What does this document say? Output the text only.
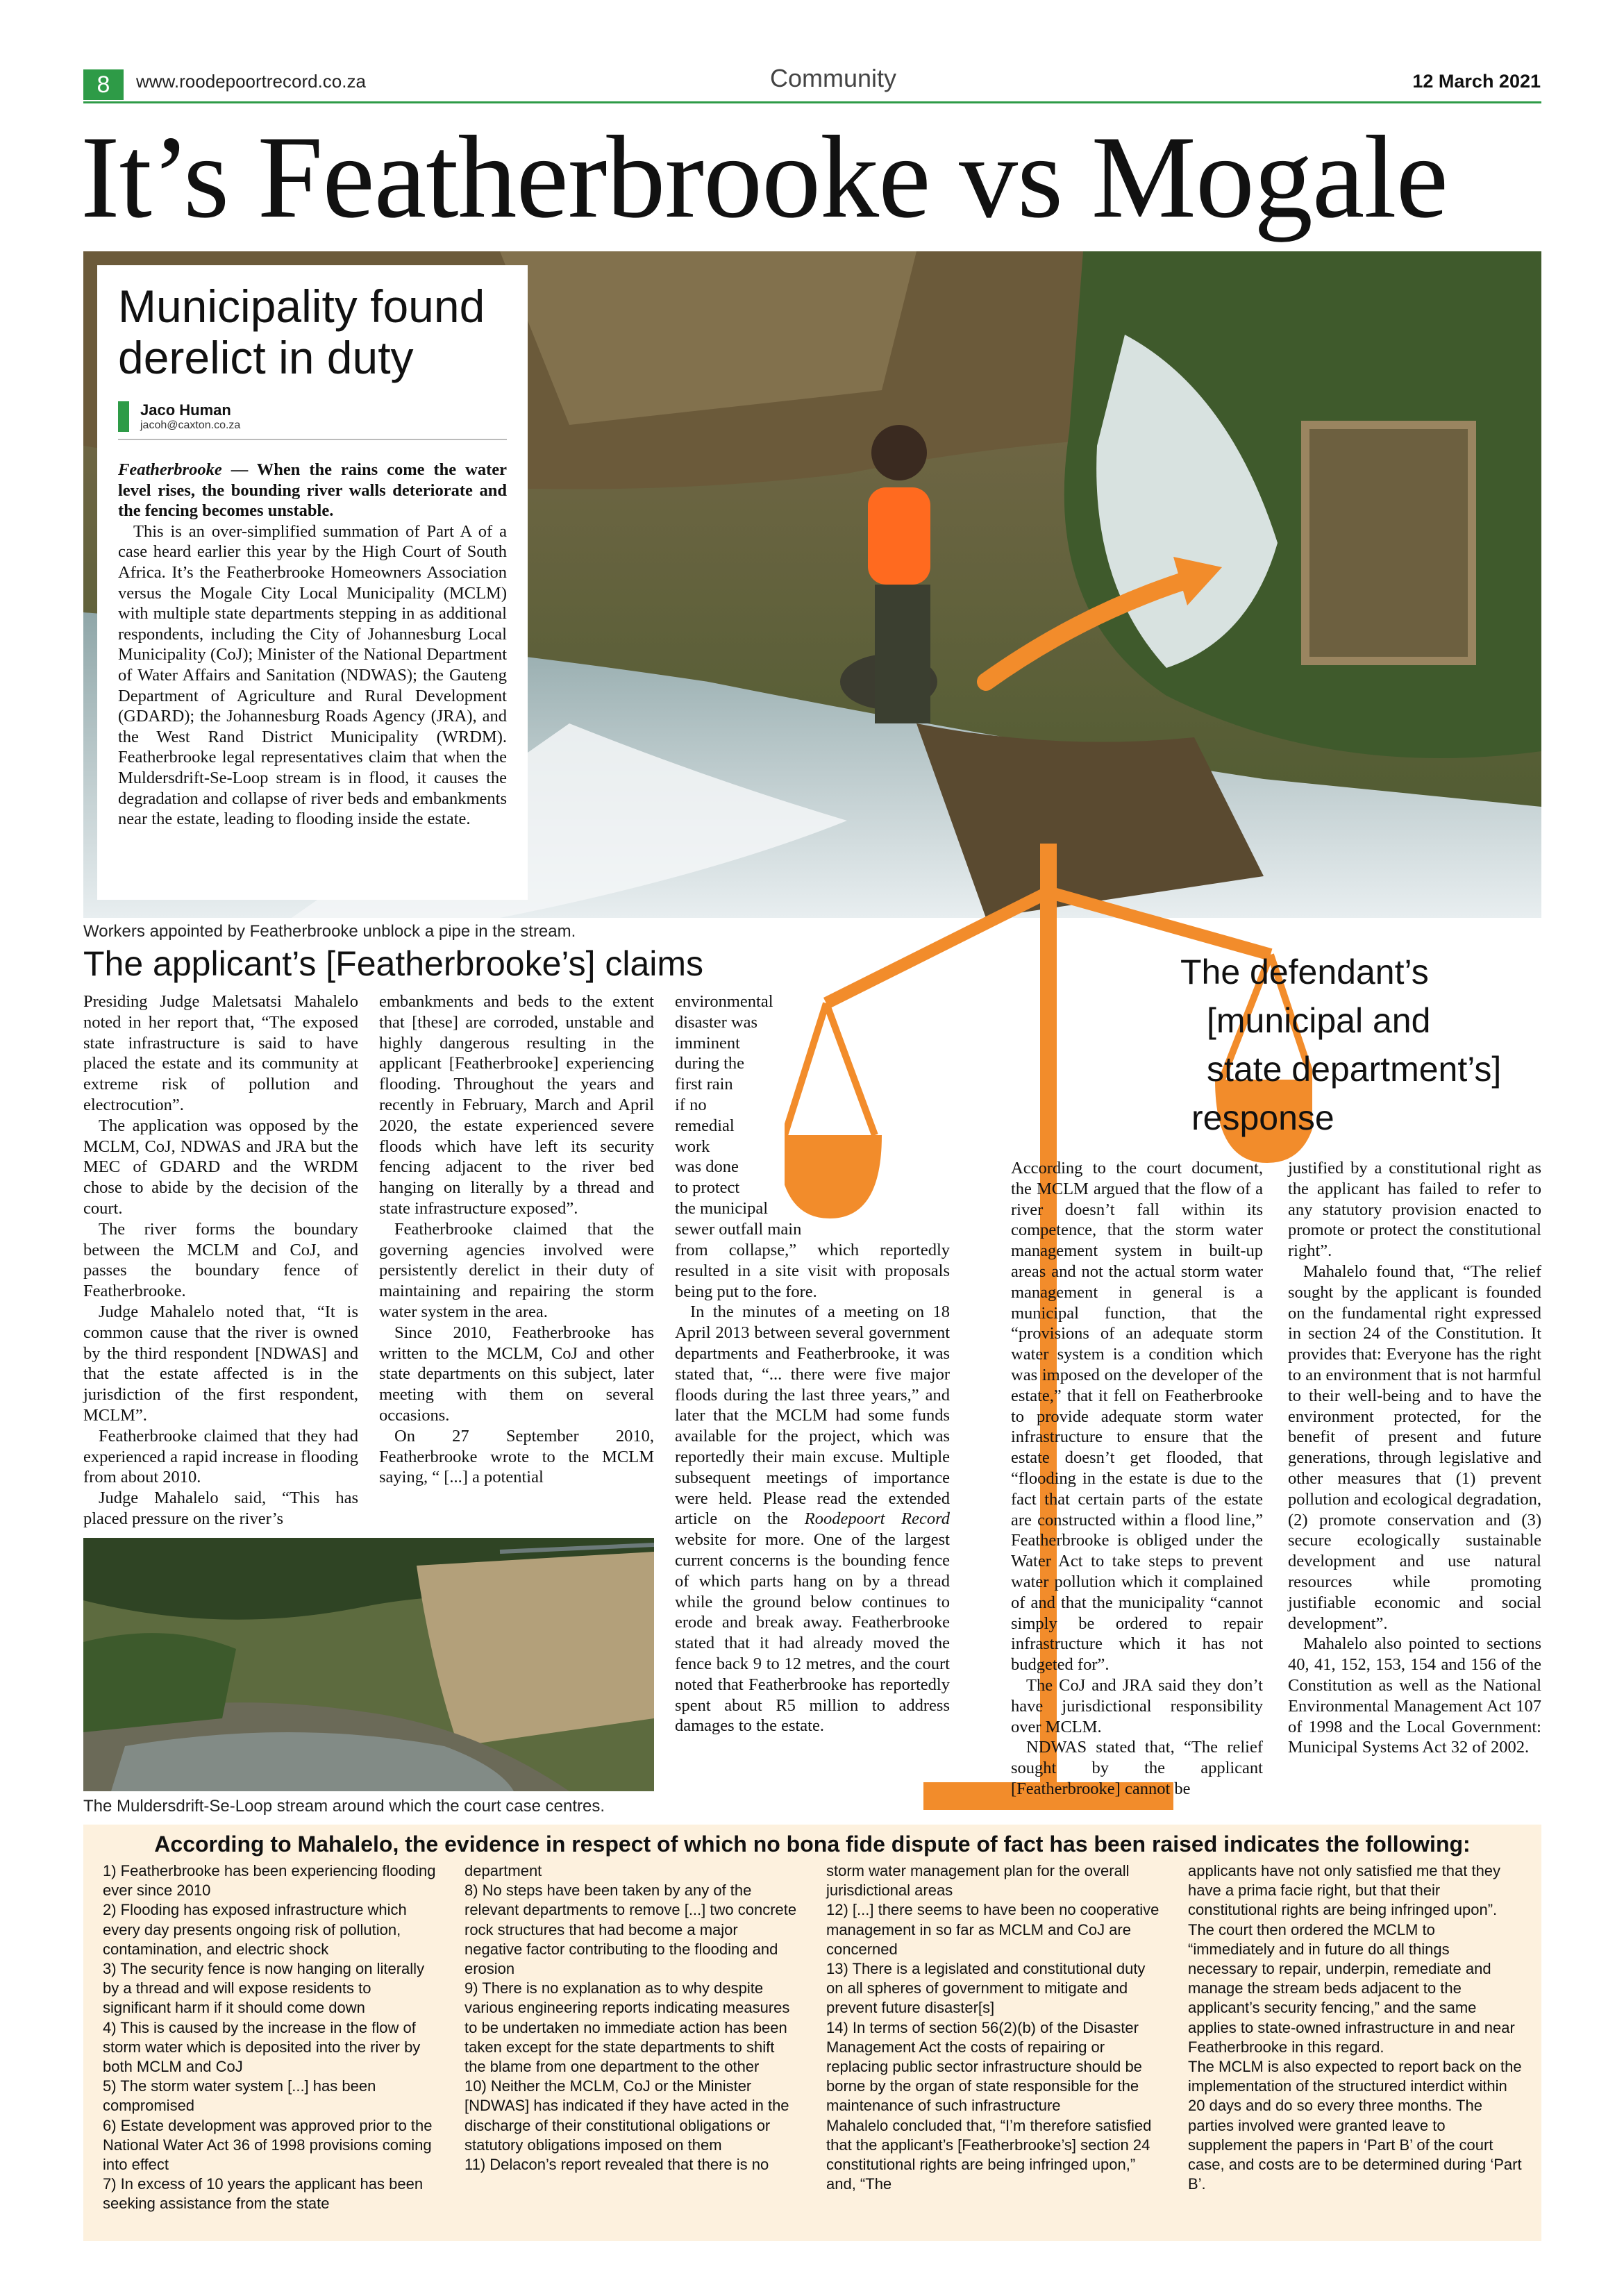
8	www.roodepoortrecord.co.za	Community	12 March 2021
It’s Featherbrooke vs Mogale
Municipality found
derelict in duty
Jaco Human
jacoh@caxton.co.za

Featherbrooke — When the rains come the water level rises, the bounding river walls deteriorate and the fencing becomes unstable.

This is an over-simplified summation of Part A of a case heard earlier this year by the High Court of South Africa. It’s the Featherbrooke Homeowners Association versus the Mogale City Local Municipality (MCLM) with multiple state departments stepping in as additional respondents, including the City of Johannesburg Local Municipality (CoJ); Minister of the National Department of Water Affairs and Sanitation (NDWAS); the Gauteng Department of Agriculture and Rural Development (GDARD); the Johannesburg Roads Agency (JRA), and the West Rand District Municipality (WRDM). Featherbrooke legal representatives claim that when the Muldersdrift-Se-Loop stream is in flood, it causes the degradation and collapse of river beds and embankments near the estate, leading to flooding inside the estate.

Workers appointed by Featherbrooke unblock a pipe in the stream.
The applicant’s [Featherbrooke’s] claims

Presiding Judge Maletsatsi Mahalelo noted in her report that, “The exposed state infrastructure is said to have placed the estate and its community at extreme risk of pollution and electrocution”.

The application was opposed by the MCLM, CoJ, NDWAS and JRA but the MEC of GDARD and the WRDM chose to abide by the decision of the court.

The river forms the boundary between the MCLM and CoJ, and passes the boundary fence of Featherbrooke.

Judge Mahalelo noted that, “It is common cause that the river is owned by the third respondent [NDWAS] and that the estate affected is in the jurisdiction of the first respondent, MCLM”.

Featherbrooke claimed that they had experienced a rapid increase in flooding from about 2010.

Judge Mahalelo said, “This has placed pressure on the river’s

embankments and beds to the extent that [these] are corroded, unstable and highly dangerous resulting in the applicant [Featherbrooke] experiencing flooding. Throughout the years and recently in February, March and April 2020, the estate experienced severe floods which have left its security fencing adjacent to the river bed hanging on literally by a thread and state infrastructure exposed”.

Featherbrooke claimed that the governing agencies involved were persistently derelict in their duty of maintaining and repairing the storm water system in the area.

Since 2010, Featherbrooke has written to the MCLM, CoJ and other state departments on this subject, later meeting with them on several occasions.

On 27 September 2010, Featherbrooke wrote to the MCLM saying, “ [...] a potential

environmental
disaster was
imminent
during the
first rain
if no
remedial
work
was done
to protect
the municipal
sewer outfall main

from collapse,” which reportedly resulted in a site visit with proposals being put to the fore.

In the minutes of a meeting on 18 April 2013 between several government departments and Featherbrooke, it was stated that, “... there were five major floods during the last three years,” and later that the MCLM had some funds available for the project, which was reportedly their main excuse. Multiple subsequent meetings of importance were held. Please read the extended article on the Roodepoort Record website for more. One of the largest current concerns is the bounding fence of which parts hang on by a thread while the ground below continues to erode and break away. Featherbrooke stated that it had already moved the fence back 9 to 12 metres, and the court noted that Featherbrooke has reportedly spent about R5 million to address damages to the estate.

The Muldersdrift-Se-Loop stream around which the court case centres.
The defendant’s
[municipal and
state department’s]
response

According to the court document, the MCLM argued that the flow of a river doesn’t fall within its competence, that the storm water management system in built-up areas and not the actual storm water management in general is a municipal function, that the “provisions of an adequate storm water system is a condition which was imposed on the developer of the estate,” that it fell on Featherbrooke to provide adequate storm water infrastructure to ensure that the estate doesn’t get flooded, that “flooding in the estate is due to the fact that certain parts of the estate are constructed within a flood line,” Featherbrooke is obliged under the Water Act to take steps to prevent water pollution which it complained of and that the municipality “cannot simply be ordered to repair infrastructure which it has not budgeted for”.

The CoJ and JRA said they don’t have jurisdictional responsibility over MCLM.

NDWAS stated that, “The relief sought by the applicant [Featherbrooke] cannot be

justified by a constitutional right as the applicant has failed to refer to any statutory provision enacted to promote or protect the constitutional right”.

Mahalelo found that, “The relief sought by the applicant is founded on the fundamental right expressed in section 24 of the Constitution. It provides that: Everyone has the right to an environment that is not harmful to their well-being and to have the environment protected, for the benefit of present and future generations, through legislative and other measures that (1) prevent pollution and ecological degradation, (2) promote conservation and (3) secure ecologically sustainable development and use natural resources while promoting justifiable economic and social development”.

Mahalelo also pointed to sections 40, 41, 152, 153, 154 and 156 of the Constitution as well as the National Environmental Management Act 107 of 1998 and the Local Government: Municipal Systems Act 32 of 2002.

According to Mahalelo, the evidence in respect of which no bona fide dispute of fact has been raised indicates the following:

1) Featherbrooke has been experiencing flooding ever since 2010

2) Flooding has exposed infrastructure which every day presents ongoing risk of pollution, contamination, and electric shock

3) The security fence is now hanging on literally by a thread and will expose residents to significant harm if it should come down

4) This is caused by the increase in the flow of storm water which is deposited into the river by both MCLM and CoJ

5) The storm water system [...] has been compromised

6) Estate development was approved prior to the National Water Act 36 of 1998 provisions coming into effect

7) In excess of 10 years the applicant has been seeking assistance from the state

department

8) No steps have been taken by any of the relevant departments to remove [...] two concrete rock structures that had become a major negative factor contributing to the flooding and erosion

9) There is no explanation as to why despite various engineering reports indicating measures to be undertaken no immediate action has been taken except for the state departments to shift the blame from one department to the other

10) Neither the MCLM, CoJ or the Minister [NDWAS] has indicated if they have acted in the discharge of their constitutional obligations or statutory obligations imposed on them

11) Delacon’s report revealed that there is no

storm water management plan for the overall jurisdictional areas

12) [...] there seems to have been no cooperative management in so far as MCLM and CoJ are concerned

13) There is a legislated and constitutional duty on all spheres of government to mitigate and prevent future disaster[s]

14) In terms of section 56(2)(b) of the Disaster Management Act the costs of repairing or replacing public sector infrastructure should be borne by the organ of state responsible for the maintenance of such infrastructure

Mahalelo concluded that, “I’m therefore satisfied that the applicant’s [Featherbrooke’s] section 24 constitutional rights are being infringed upon,” and, “The

applicants have not only satisfied me that they have a prima facie right, but that their constitutional rights are being infringed upon”.

The court then ordered the MCLM to “immediately and in future do all things necessary to repair, underpin, remediate and manage the stream beds adjacent to the applicant’s security fencing,” and the same applies to state-owned infrastructure in and near Featherbrooke in this regard.

The MCLM is also expected to report back on the implementation of the structured interdict within 20 days and do so every three months. The parties involved were granted leave to supplement the papers in ‘Part B’ of the court case, and costs are to be determined during ‘Part B’.
